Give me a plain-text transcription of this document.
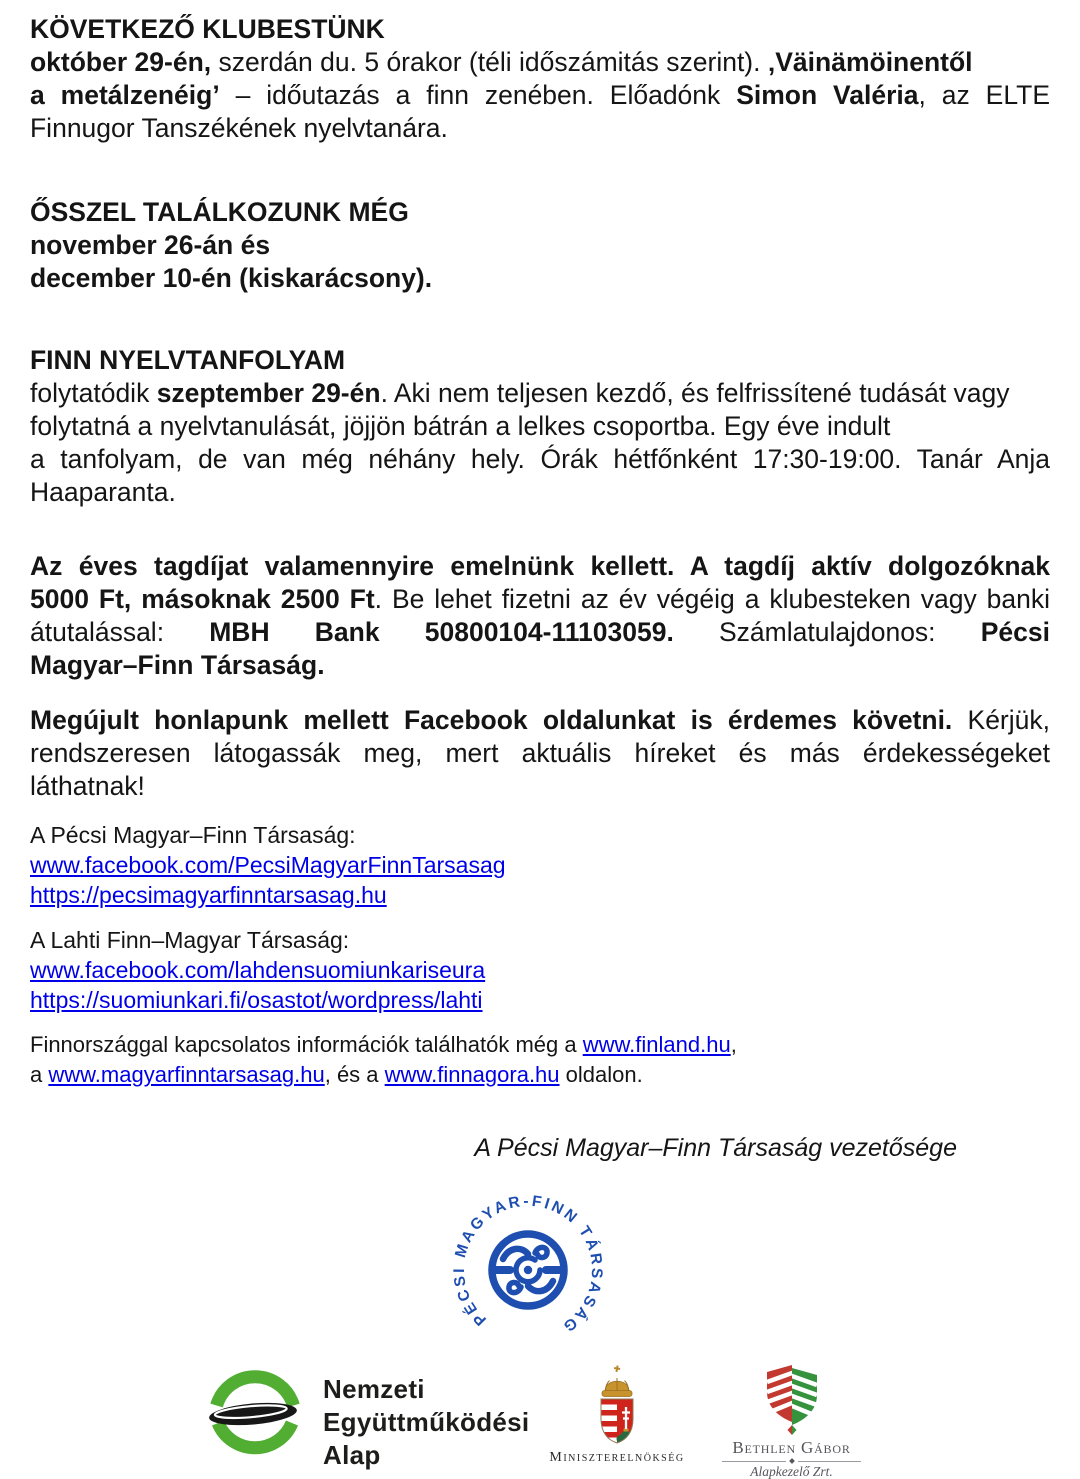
KÖVETKEZŐ KLUBESTÜNK
október 29-én, szerdán du. 5 órakor (téli időszámitás szerint). ‚Väinämöinentől
a metálzenéig’ – időutazás a finn zenében. Előadónk Simon Valéria, az ELTE
Finnugor Tanszékének nyelvtanára.
ŐSSZEL TALÁLKOZUNK MÉG
november 26-án és
december 10-én (kiskarácsony).
FINN NYELVTANFOLYAM
folytatódik szeptember 29-én. Aki nem teljesen kezdő, és felfrissítené tudását vagy
folytatná a nyelvtanulását, jöjjön bátrán a lelkes csoportba. Egy éve indult
a tanfolyam, de van még néhány hely. Órák hétfőnként 17:30-19:00. Tanár Anja
Haaparanta.
Az éves tagdíjat valamennyire emelnünk kellett. A tagdíj aktív dolgozóknak
5000 Ft, másoknak 2500 Ft. Be lehet fizetni az év végéig a klubesteken vagy banki
átutalással: MBH Bank 50800104-11103059. Számlatulajdonos: Pécsi
Magyar–Finn Társaság.
Megújult honlapunk mellett Facebook oldalunkat is érdemes követni. Kérjük,
rendszeresen látogassák meg, mert aktuális híreket és más érdekességeket
láthatnak!
A Pécsi Magyar–Finn Társaság:
www.facebook.com/PecsiMagyarFinnTarsasag
https://pecsimagyarfinntarsasag.hu
A Lahti Finn–Magyar Társaság:
www.facebook.com/lahdensuomiunkariseura
https://suomiunkari.fi/osastot/wordpress/lahti
Finnországgal kapcsolatos információk találhatók még a www.finland.hu,
a www.magyarfinntarsasag.hu, és a www.finnagora.hu oldalon.
A Pécsi Magyar–Finn Társaság vezetősége
PÉCSI MAGYAR-FINN TÁRSASÁG
Nemzeti
Együttműködési
Alap	Miniszterelnökség
Bethlen Gábor
Alapkezelő Zrt.
